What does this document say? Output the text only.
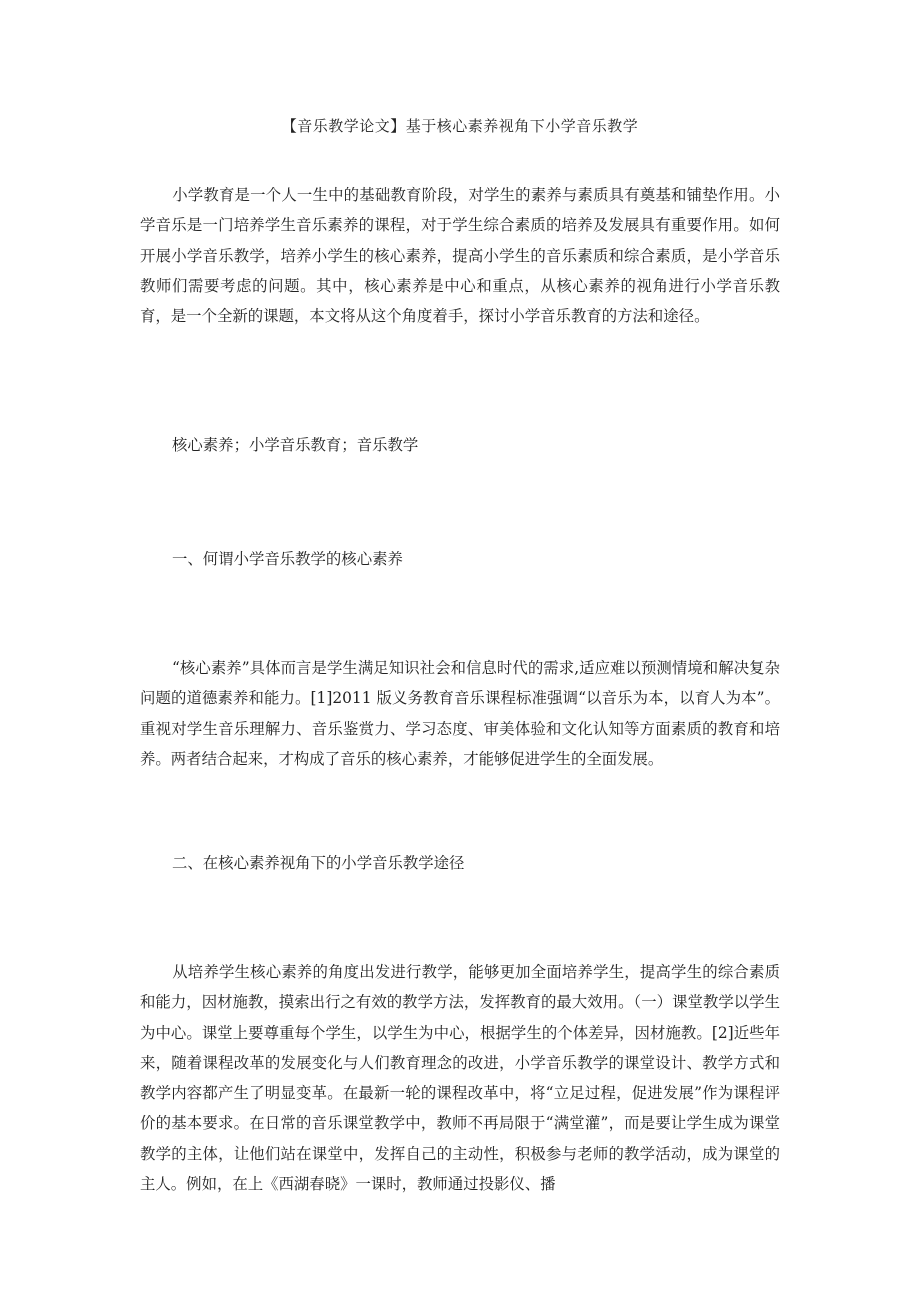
【音乐教学论文】基于核心素养视角下小学音乐教学

小学教育是一个人一生中的基础教育阶段，对学生的素养与素质具有奠基和铺垫作用。小学音乐是一门培养学生音乐素养的课程，对于学生综合素质的培养及发展具有重要作用。如何开展小学音乐教学，培养小学生的核心素养，提高小学生的音乐素质和综合素质，是小学音乐教师们需要考虑的问题。其中，核心素养是中心和重点，从核心素养的视角进行小学音乐教育，是一个全新的课题，本文将从这个角度着手，探讨小学音乐教育的方法和途径。

核心素养；小学音乐教育；音乐教学

一、何谓小学音乐教学的核心素养

“核心素养”具体而言是学生满足知识社会和信息时代的需求,适应难以预测情境和解决复杂问题的道德素养和能力。[1]2011 版义务教育音乐课程标准强调“以音乐为本，以育人为本”。重视对学生音乐理解力、音乐鉴赏力、学习态度、审美体验和文化认知等方面素质的教育和培养。两者结合起来，才构成了音乐的核心素养，才能够促进学生的全面发展。

二、在核心素养视角下的小学音乐教学途径

从培养学生核心素养的角度出发进行教学，能够更加全面培养学生，提高学生的综合素质和能力，因材施教，摸索出行之有效的教学方法，发挥教育的最大效用。（一）课堂教学以学生为中心。课堂上要尊重每个学生，以学生为中心，根据学生的个体差异，因材施教。[2]近些年来，随着课程改革的发展变化与人们教育理念的改进，小学音乐教学的课堂设计、教学方式和教学内容都产生了明显变革。在最新一轮的课程改革中，将“立足过程，促进发展”作为课程评价的基本要求。在日常的音乐课堂教学中，教师不再局限于“满堂灌”，而是要让学生成为课堂教学的主体，让他们站在课堂中，发挥自己的主动性，积极参与老师的教学活动，成为课堂的主人。例如，在上《西湖春晓》一课时，教师通过投影仪、播
